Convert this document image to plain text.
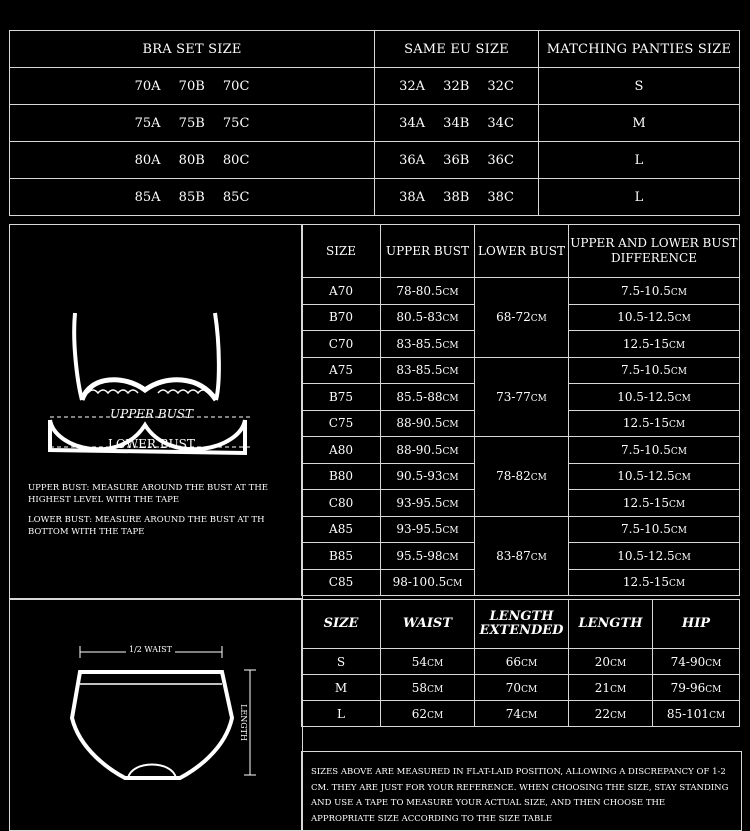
BRA SET SIZE	SAME EU SIZE	MATCHING PANTIES SIZE
70A 70B 70C	32A 32B 32C	S
75A 75B 75C	34A 34B 34C	M
80A 80B 80C	36A 36B 36C	L
85A 85B 85C	38A 38B 38C	L
UPPER BUST
LOWER BUST

UPPER BUST: MEASURE AROUND THE BUST AT THE HIGHEST LEVEL WITH THE TAPE

LOWER BUST: MEASURE AROUND THE BUST AT TH BOTTOM WITH THE TAPE

SIZE	UPPER BUST	LOWER BUST	UPPER AND LOWER BUST DIFFERENCE
A70	78-80.5CM	68-72CM	7.5-10.5CM
B70	80.5-83CM		10.5-12.5CM
C70	83-85.5CM		12.5-15CM
A75	83-85.5CM	73-77CM	7.5-10.5CM
B75	85.5-88CM		10.5-12.5CM
C75	88-90.5CM		12.5-15CM
A80	88-90.5CM	78-82CM	7.5-10.5CM
B80	90.5-93CM		10.5-12.5CM
C80	93-95.5CM		12.5-15CM
A85	93-95.5CM	83-87CM	7.5-10.5CM
B85	95.5-98CM		10.5-12.5CM
C85	98-100.5CM		12.5-15CM
1/2 WAIST
LENGTH
SIZE	WAIST	LENGTH EXTENDED	LENGTH	HIP
S	54CM	66CM	20CM	74-90CM
M	58CM	70CM	21CM	79-96CM
L	62CM	74CM	22CM	85-101CM
SIZES ABOVE ARE MEASURED IN FLAT-LAID POSITION, ALLOWING A DISCREPANCY OF 1-2 CM. THEY ARE JUST FOR YOUR REFERENCE. WHEN CHOOSING THE SIZE, STAY STANDING AND USE A TAPE TO MEASURE YOUR ACTUAL SIZE, AND THEN CHOOSE THE APPROPRIATE SIZE ACCORDING TO THE SIZE TABLE
